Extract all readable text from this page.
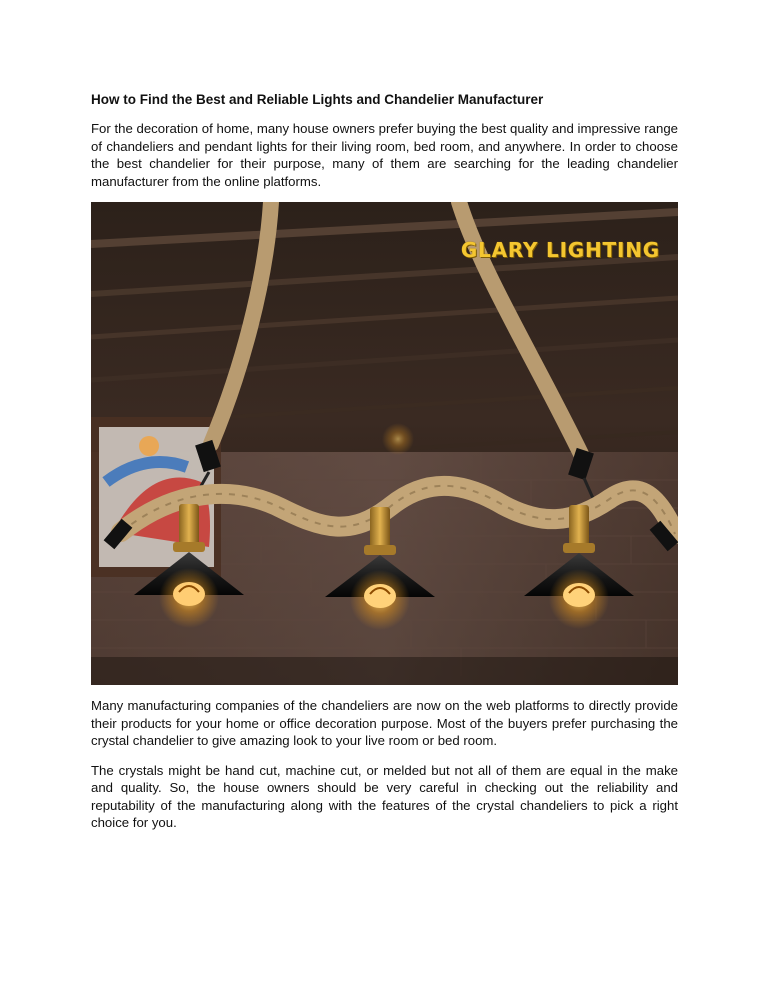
How to Find the Best and Reliable Lights and Chandelier Manufacturer

For the decoration of home, many house owners prefer buying the best quality and impressive range of chandeliers and pendant lights for their living room, bed room, and anywhere. In order to choose the best chandelier for their purpose, many of them are searching for the leading chandelier manufacturer from the online platforms.

GLARY LIGHTING

Many manufacturing companies of the chandeliers are now on the web platforms to directly provide their products for your home or office decoration purpose. Most of the buyers prefer purchasing the crystal chandelier to give amazing look to your live room or bed room.

The crystals might be hand cut, machine cut, or melded but not all of them are equal in the make and quality. So, the house owners should be very careful in checking out the reliability and reputability of the manufacturing along with the features of the crystal chandeliers to pick a right choice for you.
